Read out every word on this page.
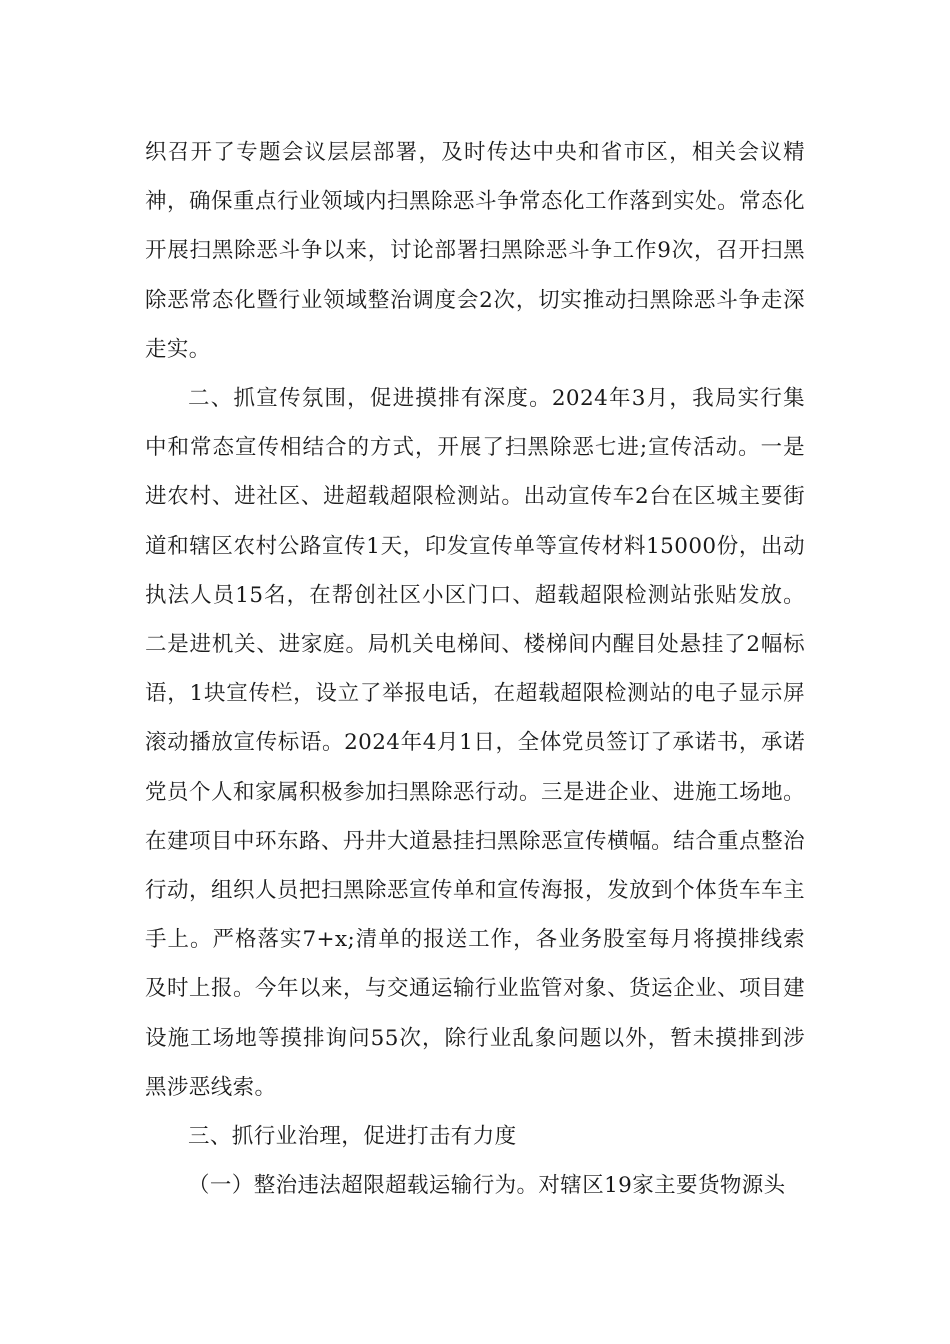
织召开了专题会议层层部署，及时传达中央和省市区，相关会议精神，确保重点行业领域内扫黑除恶斗争常态化工作落到实处。常态化开展扫黑除恶斗争以来，讨论部署扫黑除恶斗争工作9次，召开扫黑除恶常态化暨行业领域整治调度会2次，切实推动扫黑除恶斗争走深走实。

二、抓宣传氛围，促进摸排有深度。2024年3月，我局实行集中和常态宣传相结合的方式，开展了扫黑除恶七进;宣传活动。一是进农村、进社区、进超载超限检测站。出动宣传车2台在区城主要街道和辖区农村公路宣传1天，印发宣传单等宣传材料15000份，出动执法人员15名，在帮创社区小区门口、超载超限检测站张贴发放。二是进机关、进家庭。局机关电梯间、楼梯间内醒目处悬挂了2幅标语，1块宣传栏，设立了举报电话，在超载超限检测站的电子显示屏滚动播放宣传标语。2024年4月1日，全体党员签订了承诺书，承诺党员个人和家属积极参加扫黑除恶行动。三是进企业、进施工场地。在建项目中环东路、丹井大道悬挂扫黑除恶宣传横幅。结合重点整治行动，组织人员把扫黑除恶宣传单和宣传海报，发放到个体货车车主手上。严格落实7+x;清单的报送工作，各业务股室每月将摸排线索及时上报。今年以来，与交通运输行业监管对象、货运企业、项目建设施工场地等摸排询问55次，除行业乱象问题以外，暂未摸排到涉黑涉恶线索。

三、抓行业治理，促进打击有力度

（一）整治违法超限超载运输行为。对辖区19家主要货物源头
